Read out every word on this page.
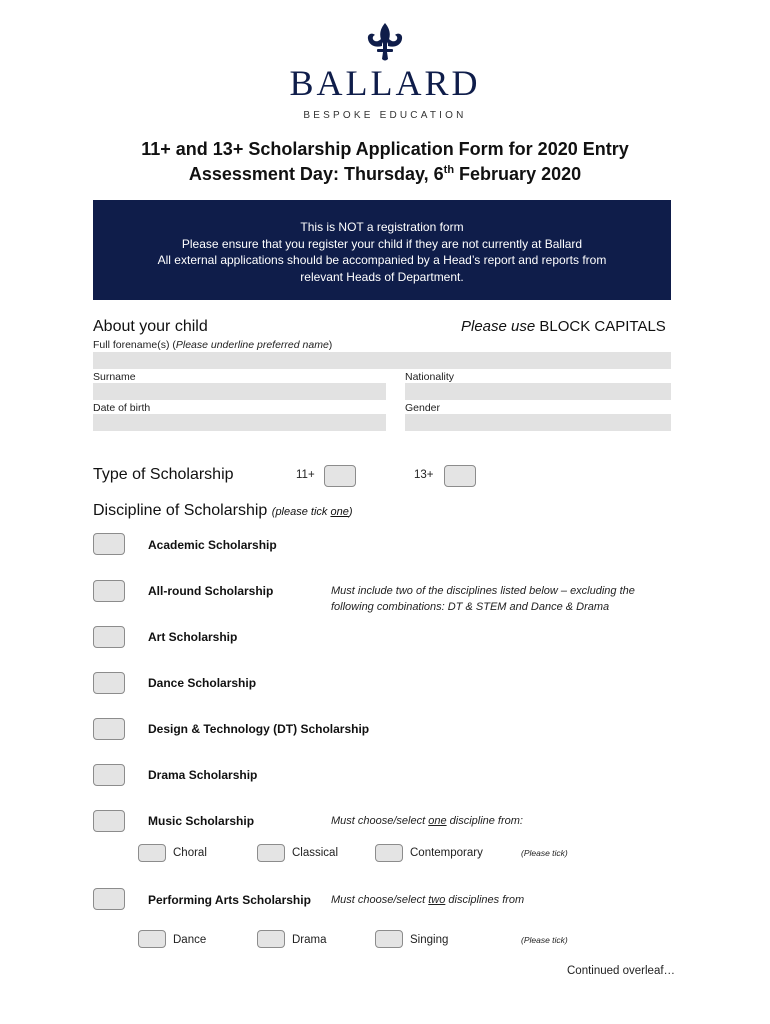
BALLARD
BESPOKE EDUCATION
11+ and 13+ Scholarship Application Form for 2020 Entry
Assessment Day: Thursday, 6th February 2020
This is NOT a registration form
Please ensure that you register your child if they are not currently at Ballard
All external applications should be accompanied by a Head’s report and reports from
relevant Heads of Department.
About your child	Please use BLOCK CAPITALS
Full forename(s) (Please underline preferred name)
Surname	Nationality
Date of birth	Gender
Type of Scholarship	11+	13+
Discipline of Scholarship (please tick one)
Academic Scholarship
All-round Scholarship	Must include two of the disciplines listed below – excluding the
following combinations: DT & STEM and Dance & Drama
Art Scholarship
Dance Scholarship
Design & Technology (DT) Scholarship
Drama Scholarship
Music Scholarship	Must choose/select one discipline from:
Choral	Classical	Contemporary	(Please tick)
Performing Arts Scholarship Must choose/select two disciplines from
Dance	Drama	Singing	(Please tick)
Continued overleaf…
